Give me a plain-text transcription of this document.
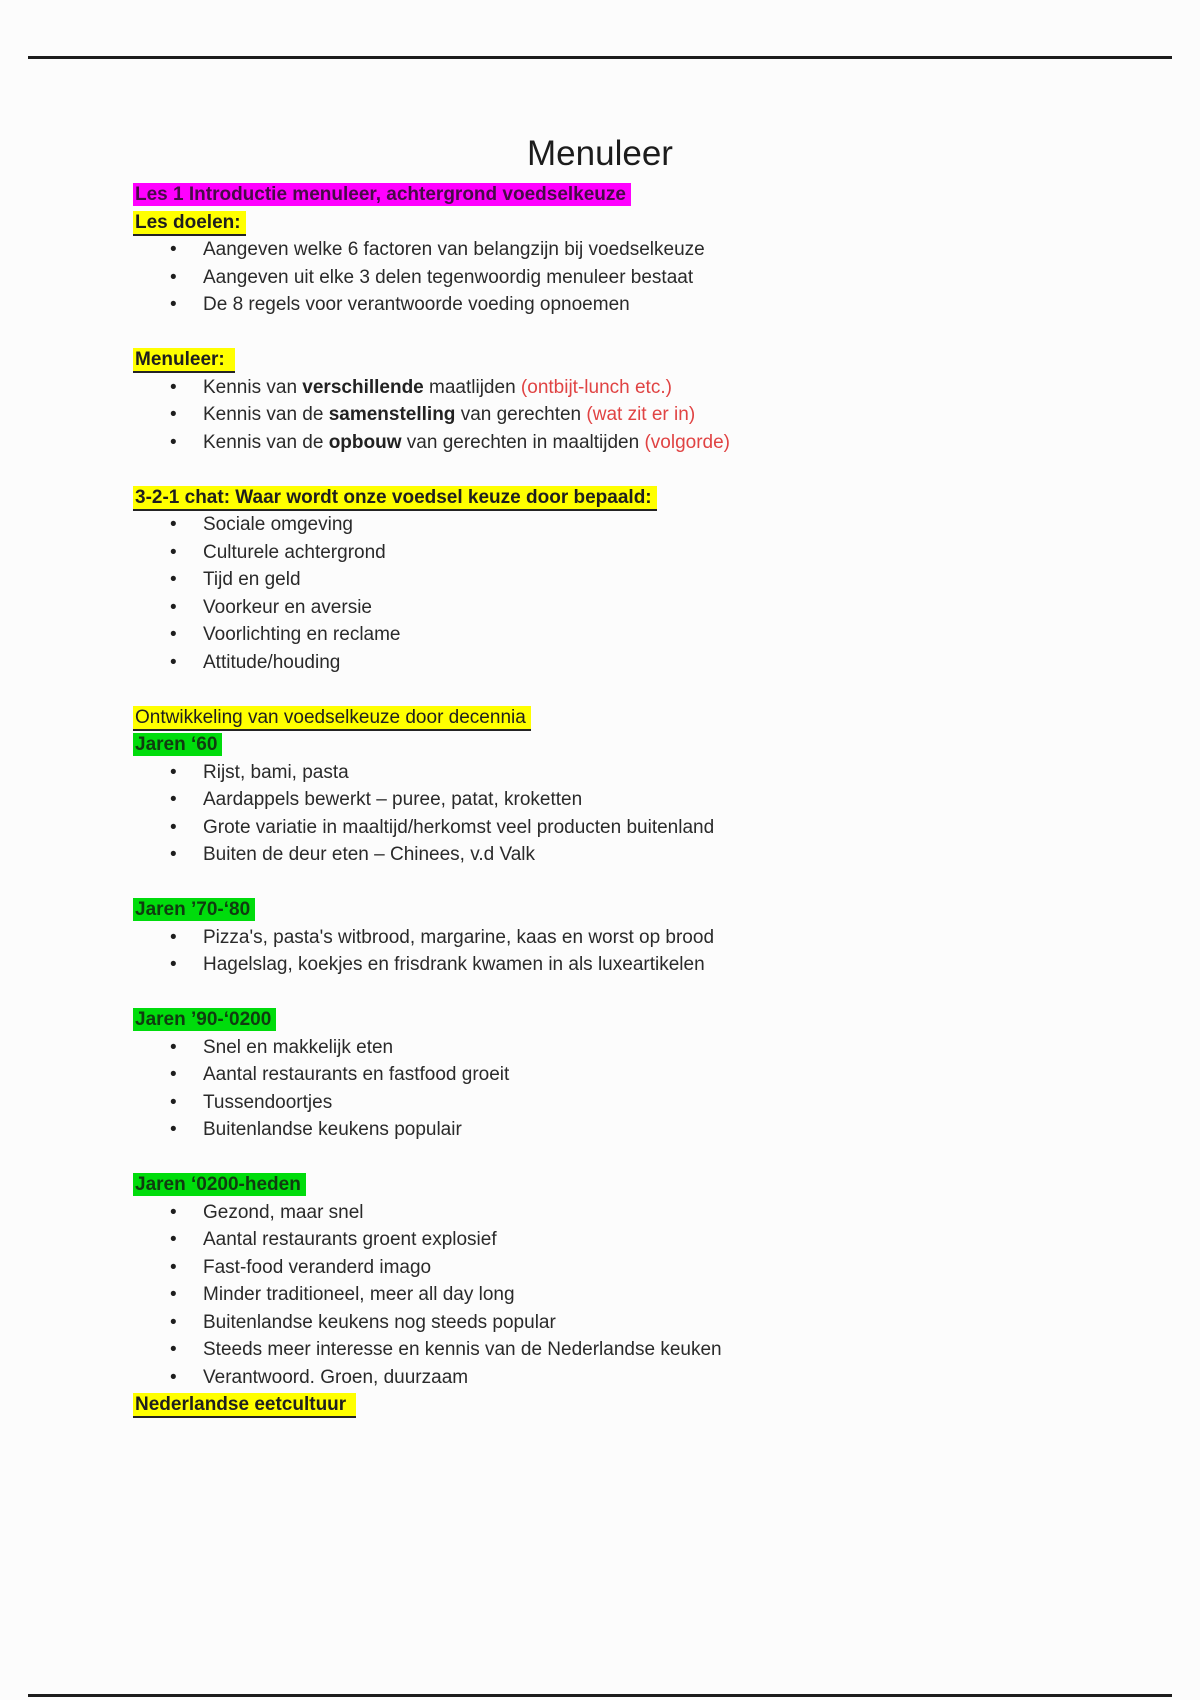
Menuleer
Les 1 Introductie menuleer, achtergrond voedselkeuze
Les doelen:
•	Aangeven welke 6 factoren van belangzijn bij voedselkeuze
•	Aangeven uit elke 3 delen tegenwoordig menuleer bestaat
•	De 8 regels voor verantwoorde voeding opnoemen
Menuleer:
•	Kennis van verschillende maatlijden (ontbijt-lunch etc.)
•	Kennis van de samenstelling van gerechten (wat zit er in)
•	Kennis van de opbouw van gerechten in maaltijden (volgorde)
3-2-1 chat: Waar wordt onze voedsel keuze door bepaald:
•	Sociale omgeving
•	Culturele achtergrond
•	Tijd en geld
•	Voorkeur en aversie
•	Voorlichting en reclame
•	Attitude/houding
Ontwikkeling van voedselkeuze door decennia
Jaren ‘60
•	Rijst, bami, pasta
•	Aardappels bewerkt – puree, patat, kroketten
•	Grote variatie in maaltijd/herkomst veel producten buitenland
•	Buiten de deur eten – Chinees, v.d Valk
Jaren ’70-‘80
•	Pizza's, pasta's witbrood, margarine, kaas en worst op brood
•	Hagelslag, koekjes en frisdrank kwamen in als luxeartikelen
Jaren ’90-‘0200
•	Snel en makkelijk eten
•	Aantal restaurants en fastfood groeit
•	Tussendoortjes
•	Buitenlandse keukens populair
Jaren ‘0200-heden
•	Gezond, maar snel
•	Aantal restaurants groent explosief
•	Fast-food veranderd imago
•	Minder traditioneel, meer all day long
•	Buitenlandse keukens nog steeds popular
•	Steeds meer interesse en kennis van de Nederlandse keuken
•	Verantwoord. Groen, duurzaam
Nederlandse eetcultuur
